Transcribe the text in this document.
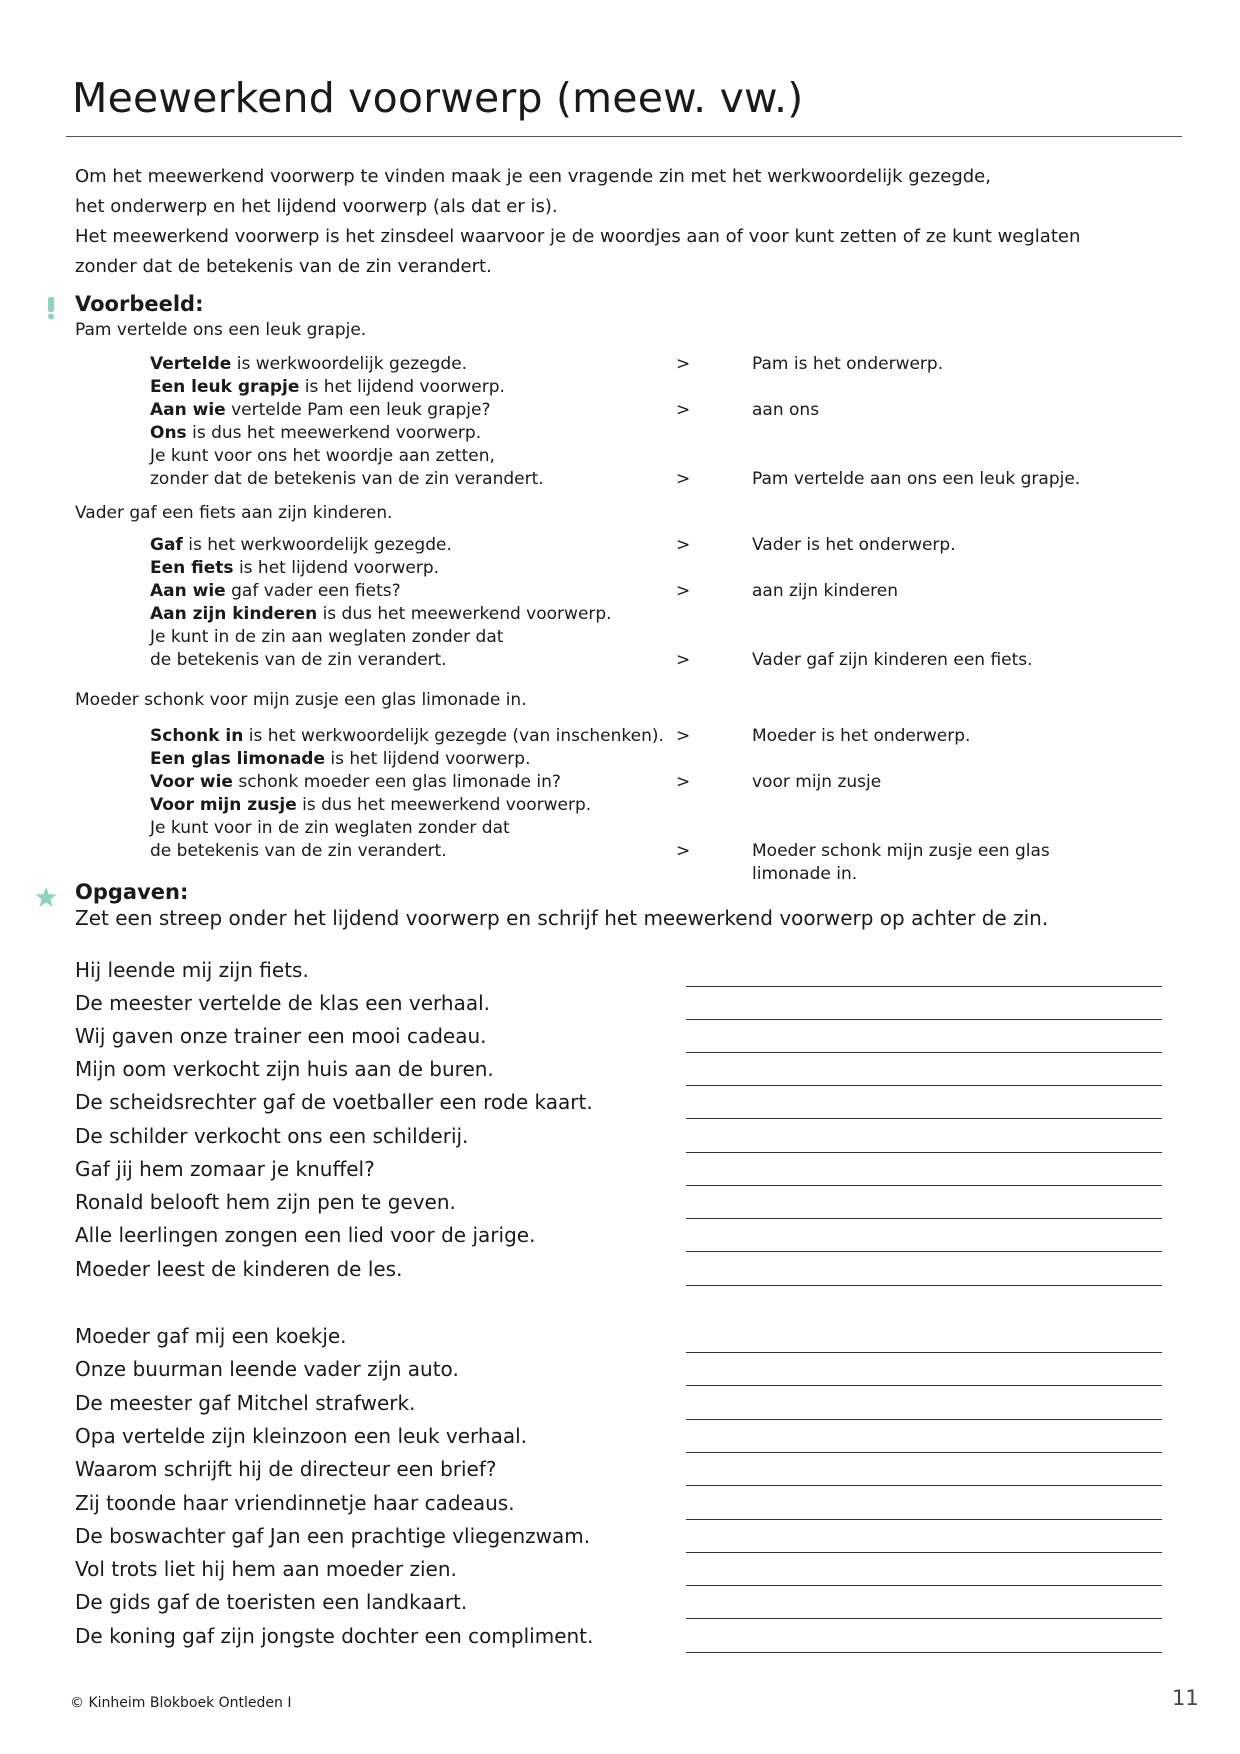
Meewerkend voorwerp (meew. vw.)
Om het meewerkend voorwerp te vinden maak je een vragende zin met het werkwoordelijk gezegde,
het onderwerp en het lijdend voorwerp (als dat er is).
Het meewerkend voorwerp is het zinsdeel waarvoor je de woordjes aan of voor kunt zetten of ze kunt weglaten
zonder dat de betekenis van de zin verandert.
Voorbeeld:
Pam vertelde ons een leuk grapje.
Vertelde is werkwoordelijk gezegde.	>	Pam is het onderwerp.
Een leuk grapje is het lijdend voorwerp.
Aan wie vertelde Pam een leuk grapje?	>	aan ons
Ons is dus het meewerkend voorwerp.
Je kunt voor ons het woordje aan zetten,
zonder dat de betekenis van de zin verandert.	>	Pam vertelde aan ons een leuk grapje.
Vader gaf een fiets aan zijn kinderen.
Gaf is het werkwoordelijk gezegde.	>	Vader is het onderwerp.
Een fiets is het lijdend voorwerp.
Aan wie gaf vader een fiets?	>	aan zijn kinderen
Aan zijn kinderen is dus het meewerkend voorwerp.
Je kunt in de zin aan weglaten zonder dat
de betekenis van de zin verandert.	>	Vader gaf zijn kinderen een fiets.
Moeder schonk voor mijn zusje een glas limonade in.
Schonk in is het werkwoordelijk gezegde (van inschenken). >	Moeder is het onderwerp.
Een glas limonade is het lijdend voorwerp.
Voor wie schonk moeder een glas limonade in?	>	voor mijn zusje
Voor mijn zusje is dus het meewerkend voorwerp.
Je kunt voor in de zin weglaten zonder dat
de betekenis van de zin verandert.	>	Moeder schonk mijn zusje een glas
limonade in.
Opgaven:
Zet een streep onder het lijdend voorwerp en schrijf het meewerkend voorwerp op achter de zin.
Hij leende mij zijn fiets.
De meester vertelde de klas een verhaal.
Wij gaven onze trainer een mooi cadeau.
Mijn oom verkocht zijn huis aan de buren.
De scheidsrechter gaf de voetballer een rode kaart.
De schilder verkocht ons een schilderij.
Gaf jij hem zomaar je knuffel?
Ronald belooft hem zijn pen te geven.
Alle leerlingen zongen een lied voor de jarige.
Moeder leest de kinderen de les.
Moeder gaf mij een koekje.
Onze buurman leende vader zijn auto.
De meester gaf Mitchel strafwerk.
Opa vertelde zijn kleinzoon een leuk verhaal.
Waarom schrijft hij de directeur een brief?
Zij toonde haar vriendinnetje haar cadeaus.
De boswachter gaf Jan een prachtige vliegenzwam.
Vol trots liet hij hem aan moeder zien.
De gids gaf de toeristen een landkaart.
De koning gaf zijn jongste dochter een compliment.
© Kinheim Blokboek Ontleden I	11
